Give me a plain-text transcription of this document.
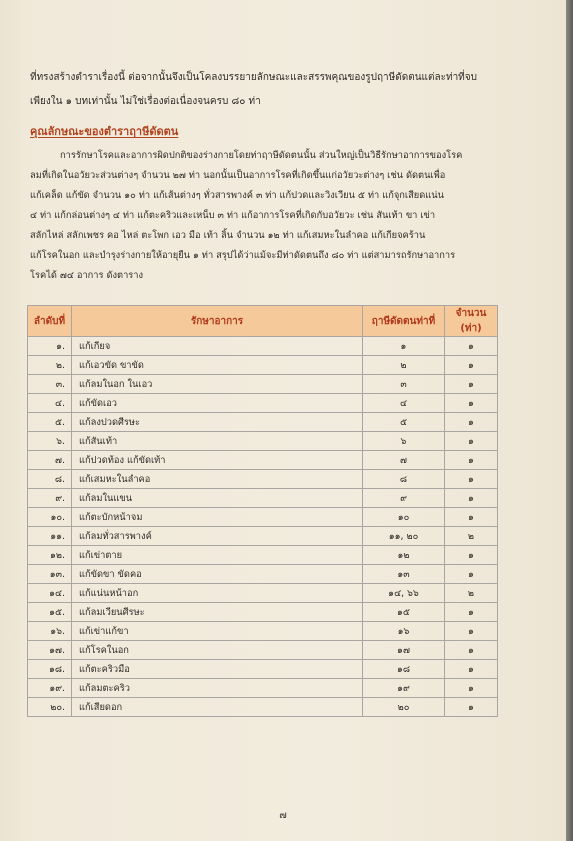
ที่ทรงสร้างตำราเรื่องนี้ ต่อจากนั้นจึงเป็นโคลงบรรยายลักษณะและสรรพคุณของรูปฤาษีดัดตนแต่ละท่าที่จบ
เพียงใน ๑ บทเท่านั้น ไม่ใช่เรื่องต่อเนื่องจนครบ ๘๐ ท่า
คุณลักษณะของตำราฤาษีดัดตน
การรักษาโรคและอาการผิดปกติของร่างกายโดยท่าฤาษีดัดตนนั้น ส่วนใหญ่เป็นวิธีรักษาอาการของโรค
ลมที่เกิดในอวัยวะส่วนต่างๆ จำนวน ๒๗ ท่า นอกนั้นเป็นอาการโรคที่เกิดขึ้นแก่อวัยวะต่างๆ เช่น ดัดตนเพื่อ
แก้เคล็ด แก้ขัด จำนวน ๑๐ ท่า แก้เส้นต่างๆ ทั่วสารพางค์ ๓ ท่า แก้ปวดและวิงเวียน ๕ ท่า แก้จุกเสียดแน่น
๔ ท่า แก้กล่อนต่างๆ ๔ ท่า แก้ตะคริวและเหน็บ ๓ ท่า แก้อาการโรคที่เกิดกับอวัยวะ เช่น สันเท้า ขา เข่า
สลักไหล่ สลักเพชร คอ ไหล่ ตะโพก เอว มือ เท้า ลิ้น จำนวน ๑๒ ท่า แก้เสมหะในลำคอ แก้เกียจคร้าน
แก้โรคในอก และบำรุงร่างกายให้อายุยืน ๑ ท่า สรุปได้ว่าแม้จะมีท่าดัดตนถึง ๘๐ ท่า แต่สามารถรักษาอาการ
โรคได้ ๗๔ อาการ ดังตาราง
ลำดับที่	รักษาอาการ	ฤาษีดัดตนท่าที่	จำนวน (ท่า)
๑.	แก้เกียจ	๑	๑
๒.	แก้เอวขัด ขาขัด	๒	๑
๓.	แก้ลมในอก ในเอว	๓	๑
๔.	แก้ขัดเอว	๔	๑
๕.	แก้ลงปวดศีรษะ	๕	๑
๖.	แก้สันเท้า	๖	๑
๗.	แก้ปวดท้อง แก้ขัดเท้า	๗	๑
๘.	แก้เสมหะในลำคอ	๘	๑
๙.	แก้ลมในแขน	๙	๑
๑๐.	แก้ตะบักหน้าจม	๑๐	๑
๑๑.	แก้ลมทั่วสารพางค์	๑๑, ๒๐	๒
๑๒.	แก้เข่าตาย	๑๒	๑
๑๓.	แก้ขัดขา ขัดคอ	๑๓	๑
๑๔.	แก้แน่นหน้าอก	๑๔, ๖๖	๒
๑๕.	แก้ลมเวียนศีรษะ	๑๕	๑
๑๖.	แก้เข่าแก้ขา	๑๖	๑
๑๗.	แก้โรคในอก	๑๗	๑
๑๘.	แก้ตะคริวมือ	๑๘	๑
๑๙.	แก้ลมตะคริว	๑๙	๑
๒๐.	แก้เสียดอก	๒๐	๑
๗
